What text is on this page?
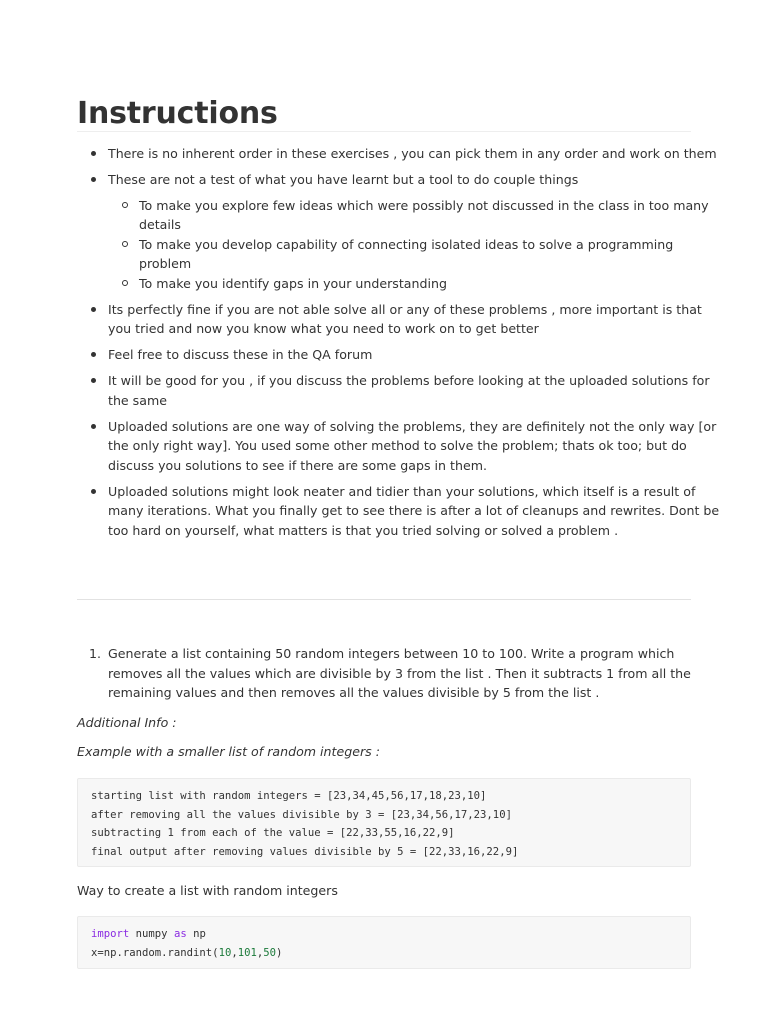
Instructions
There is no inherent order in these exercises , you can pick them in any order and work on them
These are not a test of what you have learnt but a tool to do couple things
To make you explore few ideas which were possibly not discussed in the class in too many details
To make you develop capability of connecting isolated ideas to solve a programming problem
To make you identify gaps in your understanding
Its perfectly fine if you are not able solve all or any of these problems , more important is that you tried and now you know what you need to work on to get better
Feel free to discuss these in the QA forum
It will be good for you , if you discuss the problems before looking at the uploaded solutions for the same
Uploaded solutions are one way of solving the problems, they are definitely not the only way [or the only right way]. You used some other method to solve the problem; thats ok too; but do discuss you solutions to see if there are some gaps in them.
Uploaded solutions might look neater and tidier than your solutions, which itself is a result of many iterations. What you finally get to see there is after a lot of cleanups and rewrites. Dont be too hard on yourself, what matters is that you tried solving or solved a problem .
1. Generate a list containing 50 random integers between 10 to 100. Write a program which removes all the values which are divisible by 3 from the list . Then it subtracts 1 from all the remaining values and then removes all the values divisible by 5 from the list .

Additional Info :

Example with a smaller list of random integers :

starting list with random integers = [23,34,45,56,17,18,23,10]
after removing all the values divisible by 3 = [23,34,56,17,23,10]
subtracting 1 from each of the value = [22,33,55,16,22,9]
final output after removing values divisible by 5 = [22,33,16,22,9]

Way to create a list with random integers

import numpy as np
x=np.random.randint(10,101,50)
